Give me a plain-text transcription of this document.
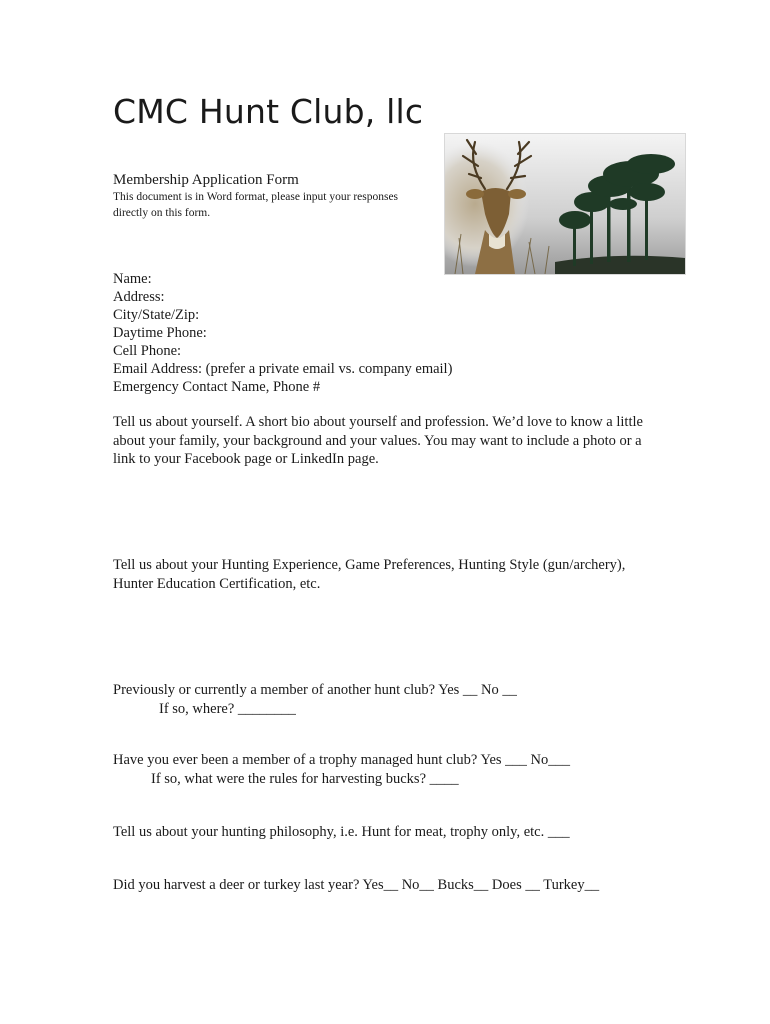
CMC Hunt Club, llc
Membership Application Form
This document is in Word format, please input your responses directly on this form.
Name:
Address:
City/State/Zip:
Daytime Phone:
Cell Phone:
Email Address: (prefer a private email vs. company email)
Emergency Contact Name, Phone #
Tell us about yourself. A short bio about yourself and profession. We’d love to know a little about your family, your background and your values. You may want to include a photo or a link to your Facebook page or LinkedIn page.
Tell us about your Hunting Experience, Game Preferences, Hunting Style (gun/archery), Hunter Education Certification, etc.
Previously or currently a member of another hunt club? Yes __ No __
If so, where? ________
Have you ever been a member of a trophy managed hunt club? Yes ___ No___
If so, what were the rules for harvesting bucks? ____
Tell us about your hunting philosophy, i.e. Hunt for meat, trophy only, etc. ___
Did you harvest a deer or turkey last year? Yes__ No__ Bucks__ Does __ Turkey__
